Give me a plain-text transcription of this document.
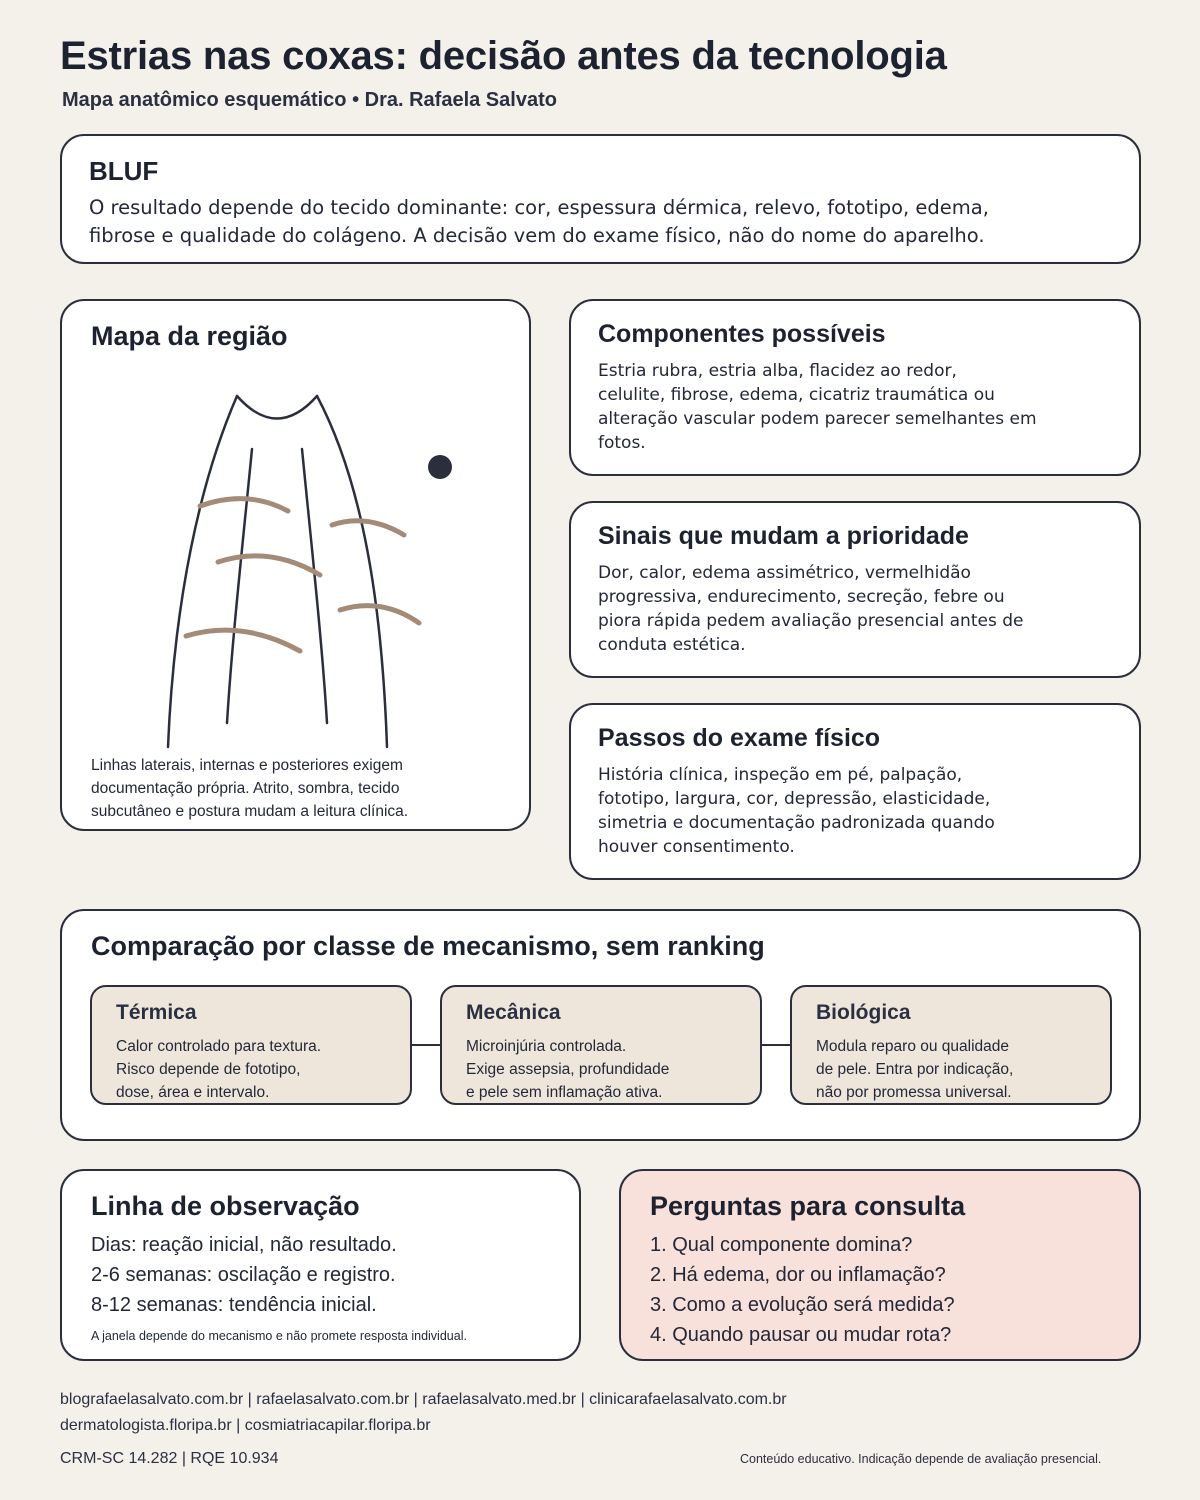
Estrias nas coxas: decisão antes da tecnologia
Mapa anatômico esquemático • Dra. Rafaela Salvato
BLUF
O resultado depende do tecido dominante: cor, espessura dérmica, relevo, fototipo, edema,
fibrose e qualidade do colágeno. A decisão vem do exame físico, não do nome do aparelho.
Mapa da região
Linhas laterais, internas e posteriores exigem
documentação própria. Atrito, sombra, tecido
subcutâneo e postura mudam a leitura clínica.
Componentes possíveis
Estria rubra, estria alba, flacidez ao redor,
celulite, fibrose, edema, cicatriz traumática ou
alteração vascular podem parecer semelhantes em
fotos.
Sinais que mudam a prioridade
Dor, calor, edema assimétrico, vermelhidão
progressiva, endurecimento, secreção, febre ou
piora rápida pedem avaliação presencial antes de
conduta estética.
Passos do exame físico
História clínica, inspeção em pé, palpação,
fototipo, largura, cor, depressão, elasticidade,
simetria e documentação padronizada quando
houver consentimento.
Comparação por classe de mecanismo, sem ranking
Térmica

Calor controlado para textura.

Risco depende de fototipo,

dose, área e intervalo.

Mecânica

Microinjúria controlada.

Exige assepsia, profundidade

e pele sem inflamação ativa.

Biológica

Modula reparo ou qualidade

de pele. Entra por indicação,

não por promessa universal.

Linha de observação

Dias: reação inicial, não resultado.

2-6 semanas: oscilação e registro.

8-12 semanas: tendência inicial.

A janela depende do mecanismo e não promete resposta individual.
Perguntas para consulta

1. Qual componente domina?

2. Há edema, dor ou inflamação?

3. Como a evolução será medida?

4. Quando pausar ou mudar rota?

blografaelasalvato.com.br | rafaelasalvato.com.br | rafaelasalvato.med.br | clinicarafaelasalvato.com.br
dermatologista.floripa.br | cosmiatriacapilar.floripa.br
CRM-SC 14.282 | RQE 10.934	Conteúdo educativo. Indicação depende de avaliação presencial.
